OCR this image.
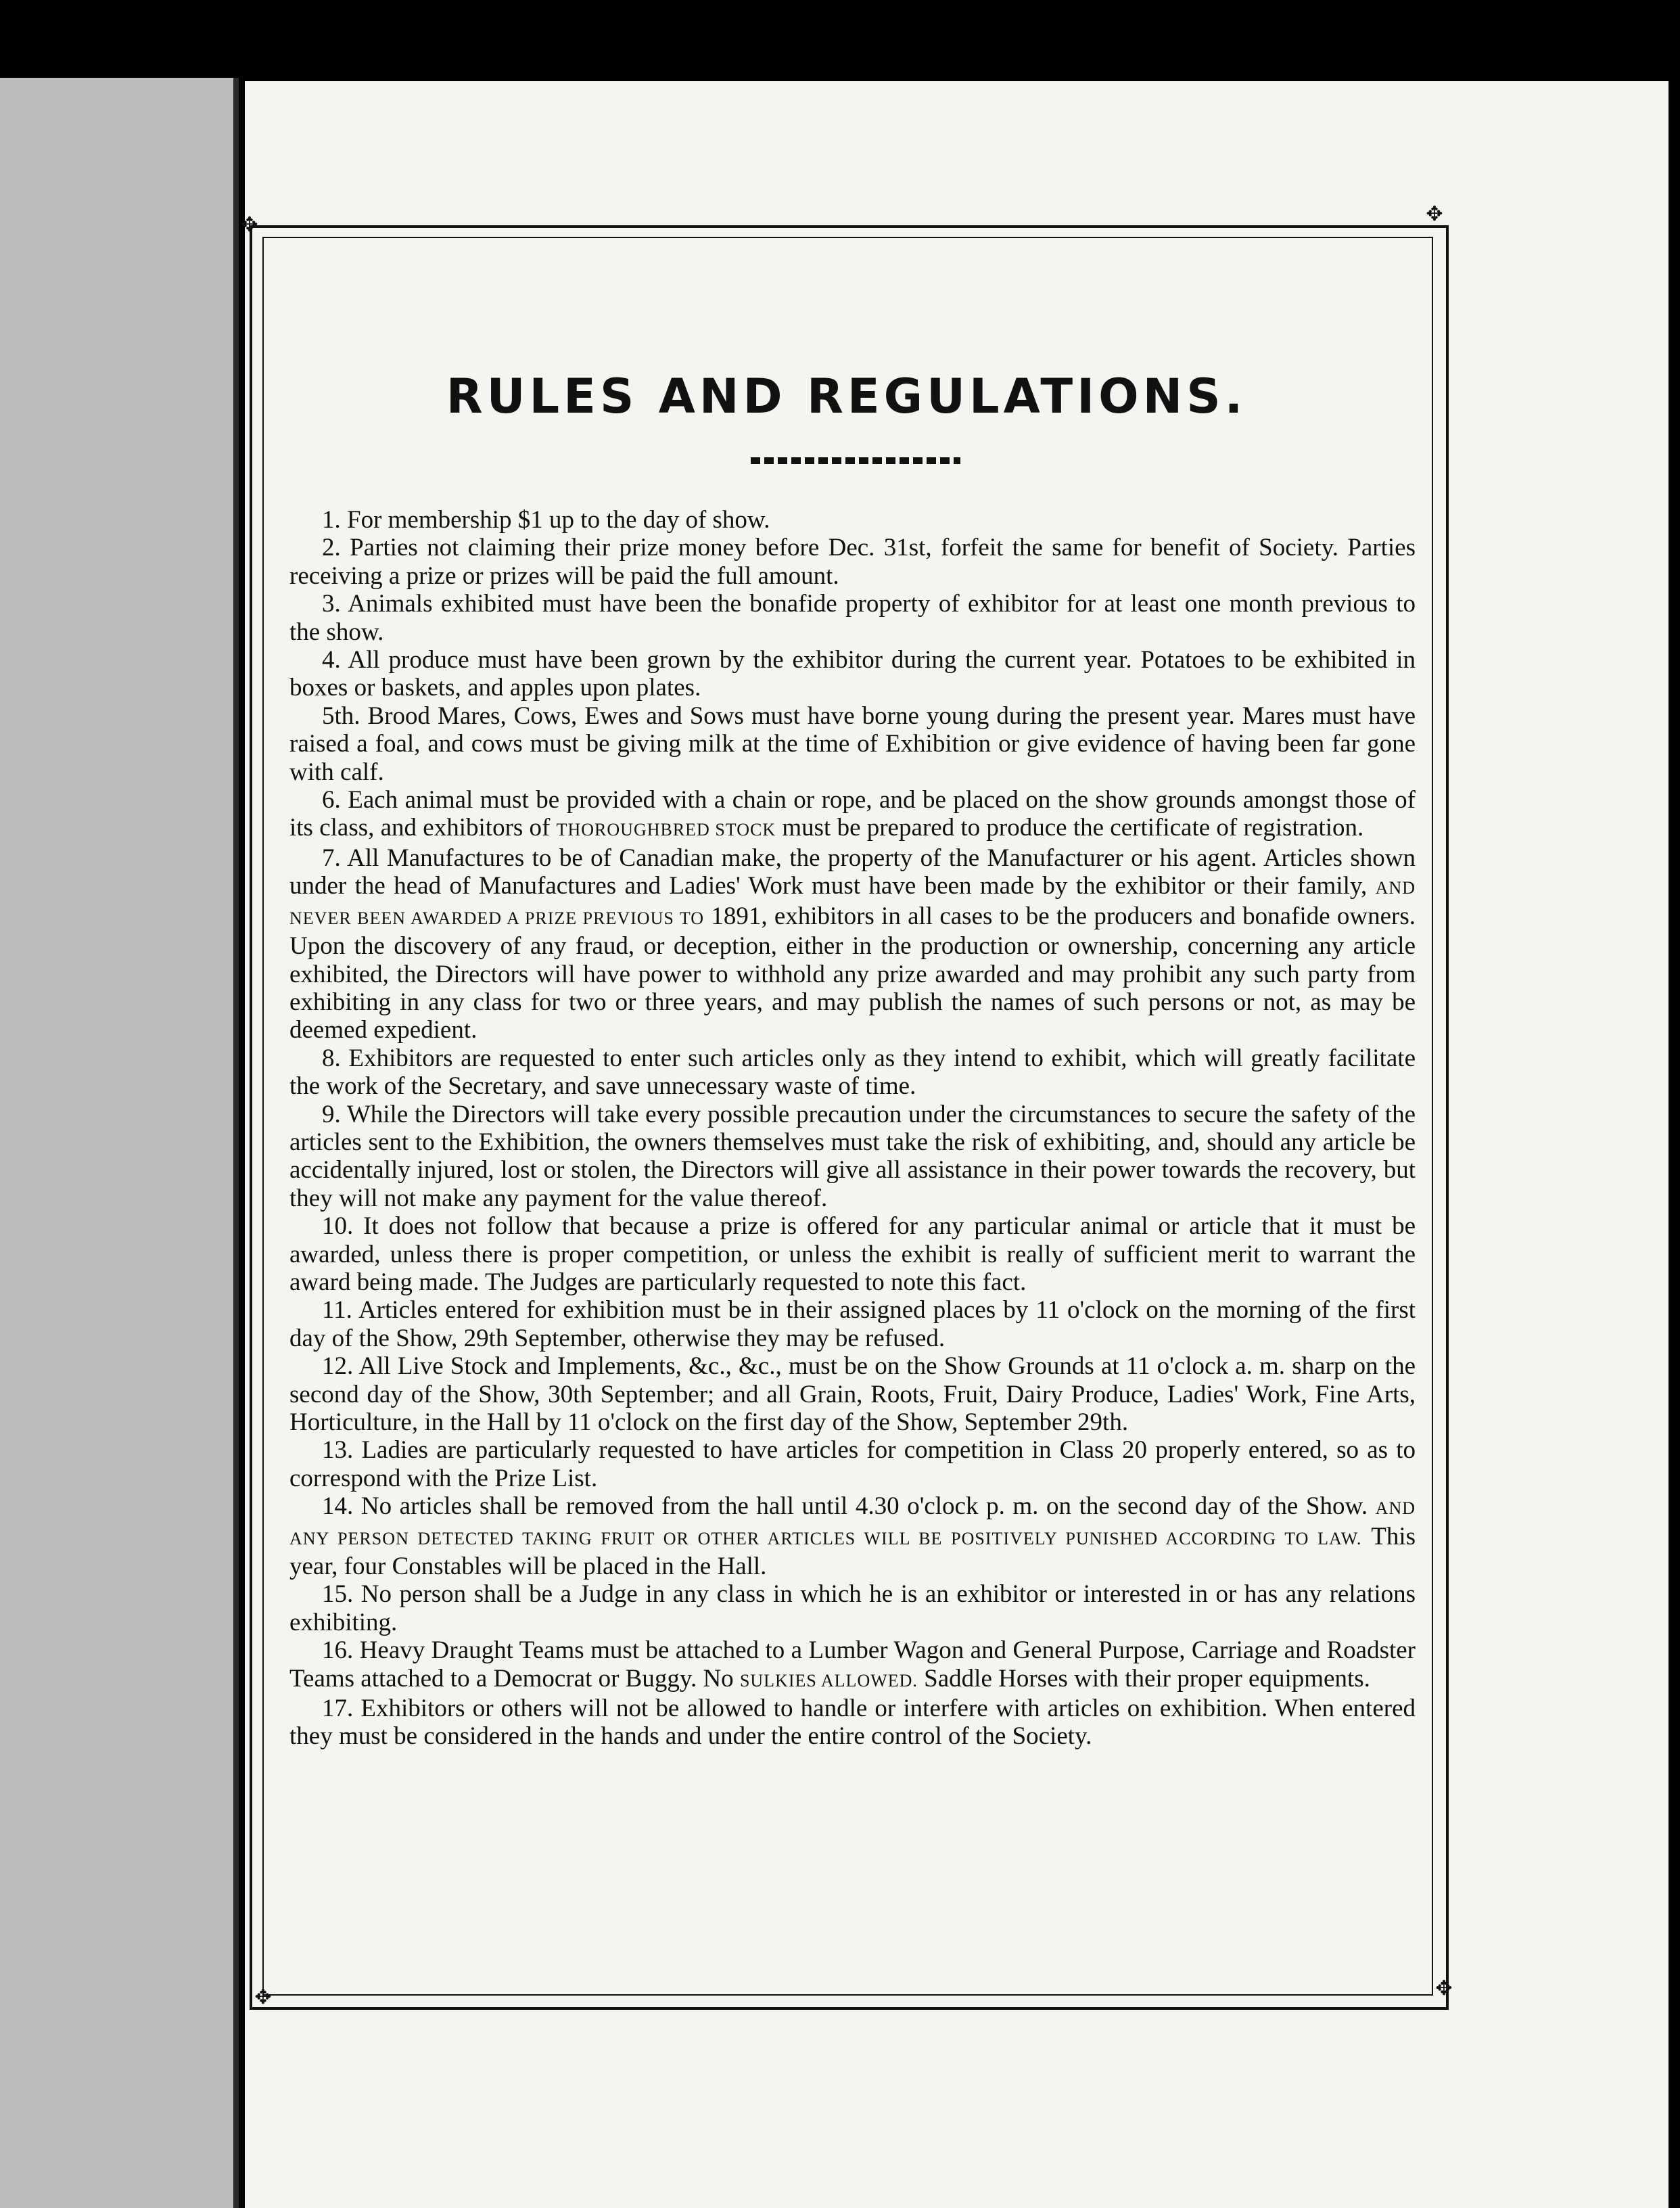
✥	✥
✥	✥
RULES AND REGULATIONS.

1. For membership $1 up to the day of show.

2. Parties not claiming their prize money before Dec. 31st, forfeit the same for benefit of Society. Parties receiving a prize or prizes will be paid the full amount.

3. Animals exhibited must have been the bonafide property of exhibitor for at least one month previous to the show.

4. All produce must have been grown by the exhibitor during the current year. Potatoes to be exhibited in boxes or baskets, and apples upon plates.

5th. Brood Mares, Cows, Ewes and Sows must have borne young during the present year. Mares must have raised a foal, and cows must be giving milk at the time of Exhibition or give evidence of having been far gone with calf.

6. Each animal must be provided with a chain or rope, and be placed on the show grounds amongst those of its class, and exhibitors of THOROUGHBRED STOCK must be prepared to produce the certificate of registration.

7. All Manufactures to be of Canadian make, the property of the Manufacturer or his agent. Articles shown under the head of Manufactures and Ladies' Work must have been made by the exhibitor or their family, AND NEVER BEEN AWARDED A PRIZE PREVIOUS TO 1891, exhibitors in all cases to be the producers and bonafide owners. Upon the discovery of any fraud, or deception, either in the production or ownership, concerning any article exhibited, the Directors will have power to withhold any prize awarded and may prohibit any such party from exhibiting in any class for two or three years, and may publish the names of such persons or not, as may be deemed expedient.

8. Exhibitors are requested to enter such articles only as they intend to exhibit, which will greatly facilitate the work of the Secretary, and save unnecessary waste of time.

9. While the Directors will take every possible precaution under the circumstances to secure the safety of the articles sent to the Exhibition, the owners themselves must take the risk of exhibiting, and, should any article be accidentally injured, lost or stolen, the Directors will give all assistance in their power towards the recovery, but they will not make any payment for the value thereof.

10. It does not follow that because a prize is offered for any particular animal or article that it must be awarded, unless there is proper competition, or unless the exhibit is really of sufficient merit to warrant the award being made. The Judges are particularly requested to note this fact.

11. Articles entered for exhibition must be in their assigned places by 11 o'clock on the morning of the first day of the Show, 29th September, otherwise they may be refused.

12. All Live Stock and Implements, &c., &c., must be on the Show Grounds at 11 o'clock a. m. sharp on the second day of the Show, 30th September; and all Grain, Roots, Fruit, Dairy Produce, Ladies' Work, Fine Arts, Horticulture, in the Hall by 11 o'clock on the first day of the Show, September 29th.

13. Ladies are particularly requested to have articles for competition in Class 20 properly entered, so as to correspond with the Prize List.

14. No articles shall be removed from the hall until 4.30 o'clock p. m. on the second day of the Show. AND ANY PERSON DETECTED TAKING FRUIT OR OTHER ARTICLES WILL BE POSITIVELY PUNISHED ACCORDING TO LAW. This year, four Constables will be placed in the Hall.

15. No person shall be a Judge in any class in which he is an exhibitor or interested in or has any relations exhibiting.

16. Heavy Draught Teams must be attached to a Lumber Wagon and General Purpose, Carriage and Roadster Teams attached to a Democrat or Buggy. No SULKIES ALLOWED. Saddle Horses with their proper equipments.

17. Exhibitors or others will not be allowed to handle or interfere with articles on exhibition. When entered they must be considered in the hands and under the entire control of the Society.
